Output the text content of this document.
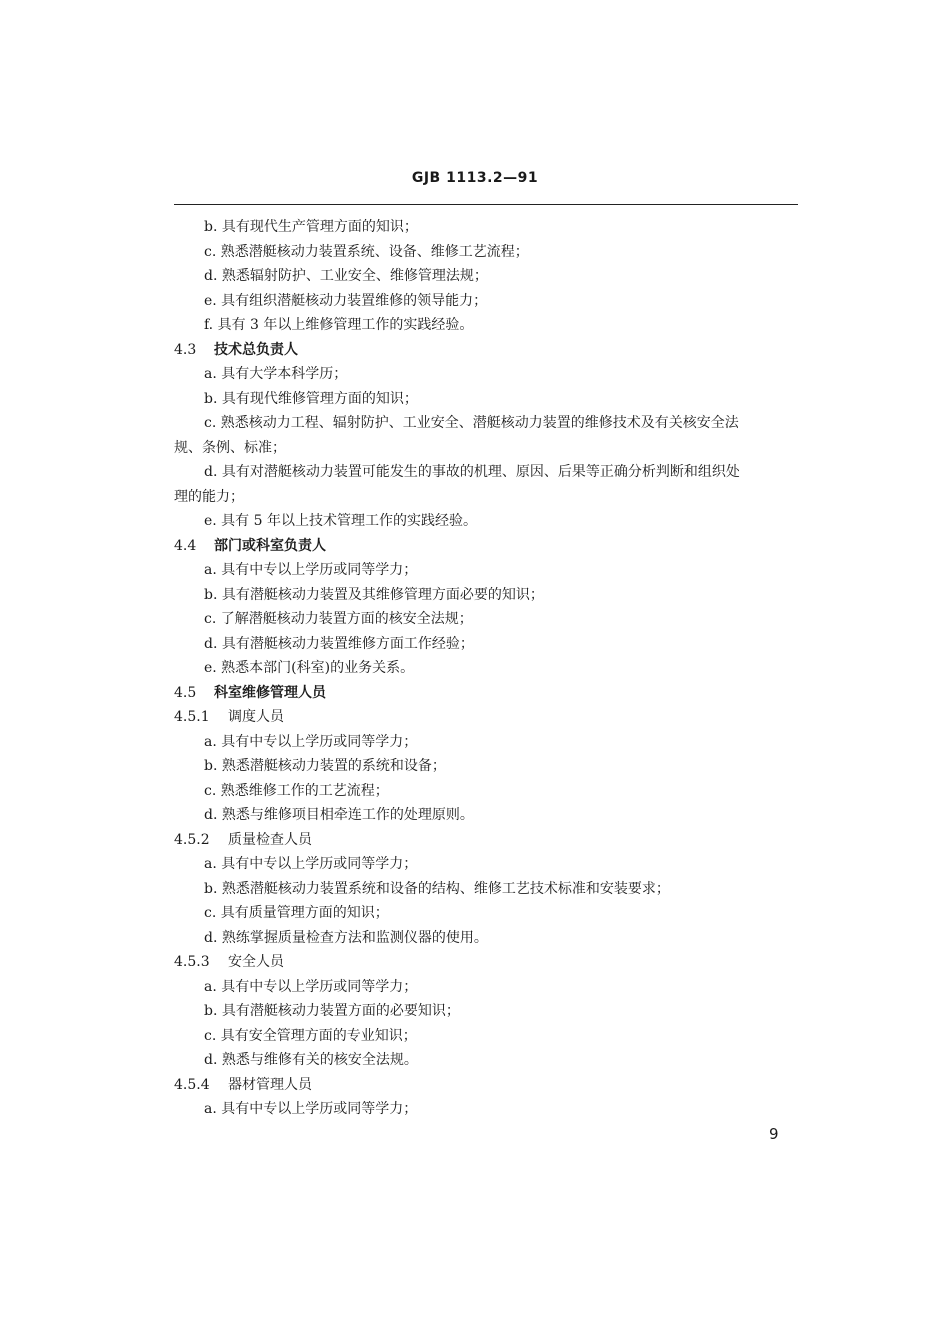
GJB 1113.2—91
b. 具有现代生产管理方面的知识；
c. 熟悉潜艇核动力装置系统、设备、维修工艺流程；
d. 熟悉辐射防护、工业安全、维修管理法规；
e. 具有组织潜艇核动力装置维修的领导能力；
f. 具有 3 年以上维修管理工作的实践经验。
4.3 技术总负责人
a. 具有大学本科学历；
b. 具有现代维修管理方面的知识；
c. 熟悉核动力工程、辐射防护、工业安全、潜艇核动力装置的维修技术及有关核安全法
规、条例、标准；
d. 具有对潜艇核动力装置可能发生的事故的机理、原因、后果等正确分析判断和组织处
理的能力；
e. 具有 5 年以上技术管理工作的实践经验。
4.4 部门或科室负责人
a. 具有中专以上学历或同等学力；
b. 具有潜艇核动力装置及其维修管理方面必要的知识；
c. 了解潜艇核动力装置方面的核安全法规；
d. 具有潜艇核动力装置维修方面工作经验；
e. 熟悉本部门(科室)的业务关系。
4.5 科室维修管理人员
4.5.1 调度人员
a. 具有中专以上学历或同等学力；
b. 熟悉潜艇核动力装置的系统和设备；
c. 熟悉维修工作的工艺流程；
d. 熟悉与维修项目相牵连工作的处理原则。
4.5.2 质量检查人员
a. 具有中专以上学历或同等学力；
b. 熟悉潜艇核动力装置系统和设备的结构、维修工艺技术标准和安装要求；
c. 具有质量管理方面的知识；
d. 熟练掌握质量检查方法和监测仪器的使用。
4.5.3 安全人员
a. 具有中专以上学历或同等学力；
b. 具有潜艇核动力装置方面的必要知识；
c. 具有安全管理方面的专业知识；
d. 熟悉与维修有关的核安全法规。
4.5.4 器材管理人员
a. 具有中专以上学历或同等学力；
9
